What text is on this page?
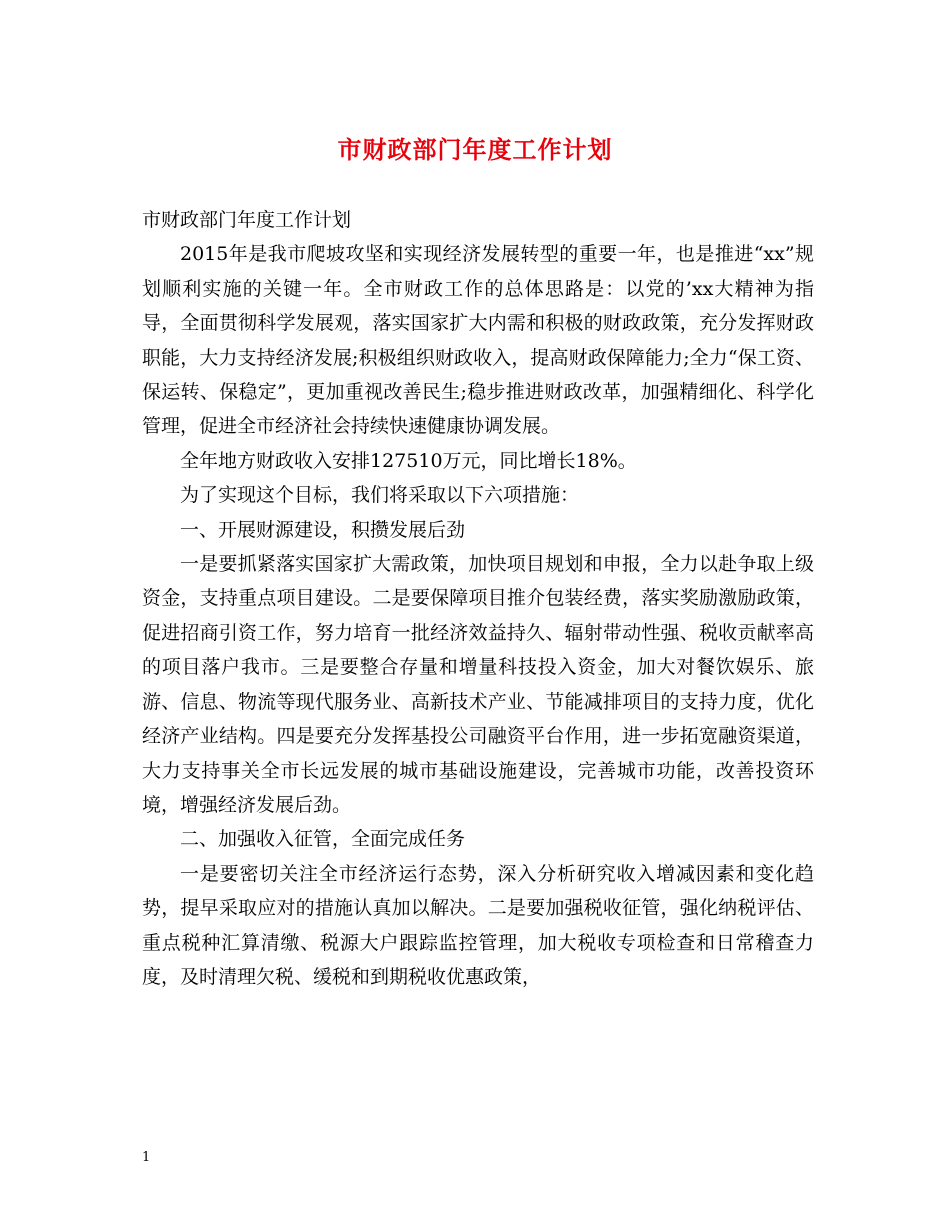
市财政部门年度工作计划

市财政部门年度工作计划

2015年是我市爬坡攻坚和实现经济发展转型的重要一年，也是推进“xx”规划顺利实施的关键一年。全市财政工作的总体思路是：以党的’xx大精神为指导，全面贯彻科学发展观，落实国家扩大内需和积极的财政政策，充分发挥财政职能，大力支持经济发展;积极组织财政收入，提高财政保障能力;全力“保工资、保运转、保稳定”，更加重视改善民生;稳步推进财政改革，加强精细化、科学化管理，促进全市经济社会持续快速健康协调发展。

全年地方财政收入安排127510万元，同比增长18%。

为了实现这个目标，我们将采取以下六项措施：

一、开展财源建设，积攒发展后劲

一是要抓紧落实国家扩大需政策，加快项目规划和申报，全力以赴争取上级资金，支持重点项目建设。二是要保障项目推介包装经费，落实奖励激励政策，促进招商引资工作，努力培育一批经济效益持久、辐射带动性强、税收贡献率高的项目落户我市。三是要整合存量和增量科技投入资金，加大对餐饮娱乐、旅游、信息、物流等现代服务业、高新技术产业、节能减排项目的支持力度，优化经济产业结构。四是要充分发挥基投公司融资平台作用，进一步拓宽融资渠道，大力支持事关全市长远发展的城市基础设施建设，完善城市功能，改善投资环境，增强经济发展后劲。

二、加强收入征管，全面完成任务

一是要密切关注全市经济运行态势，深入分析研究收入增减因素和变化趋势，提早采取应对的措施认真加以解决。二是要加强税收征管，强化纳税评估、重点税种汇算清缴、税源大户跟踪监控管理，加大税收专项检查和日常稽查力度，及时清理欠税、缓税和到期税收优惠政策，

1
